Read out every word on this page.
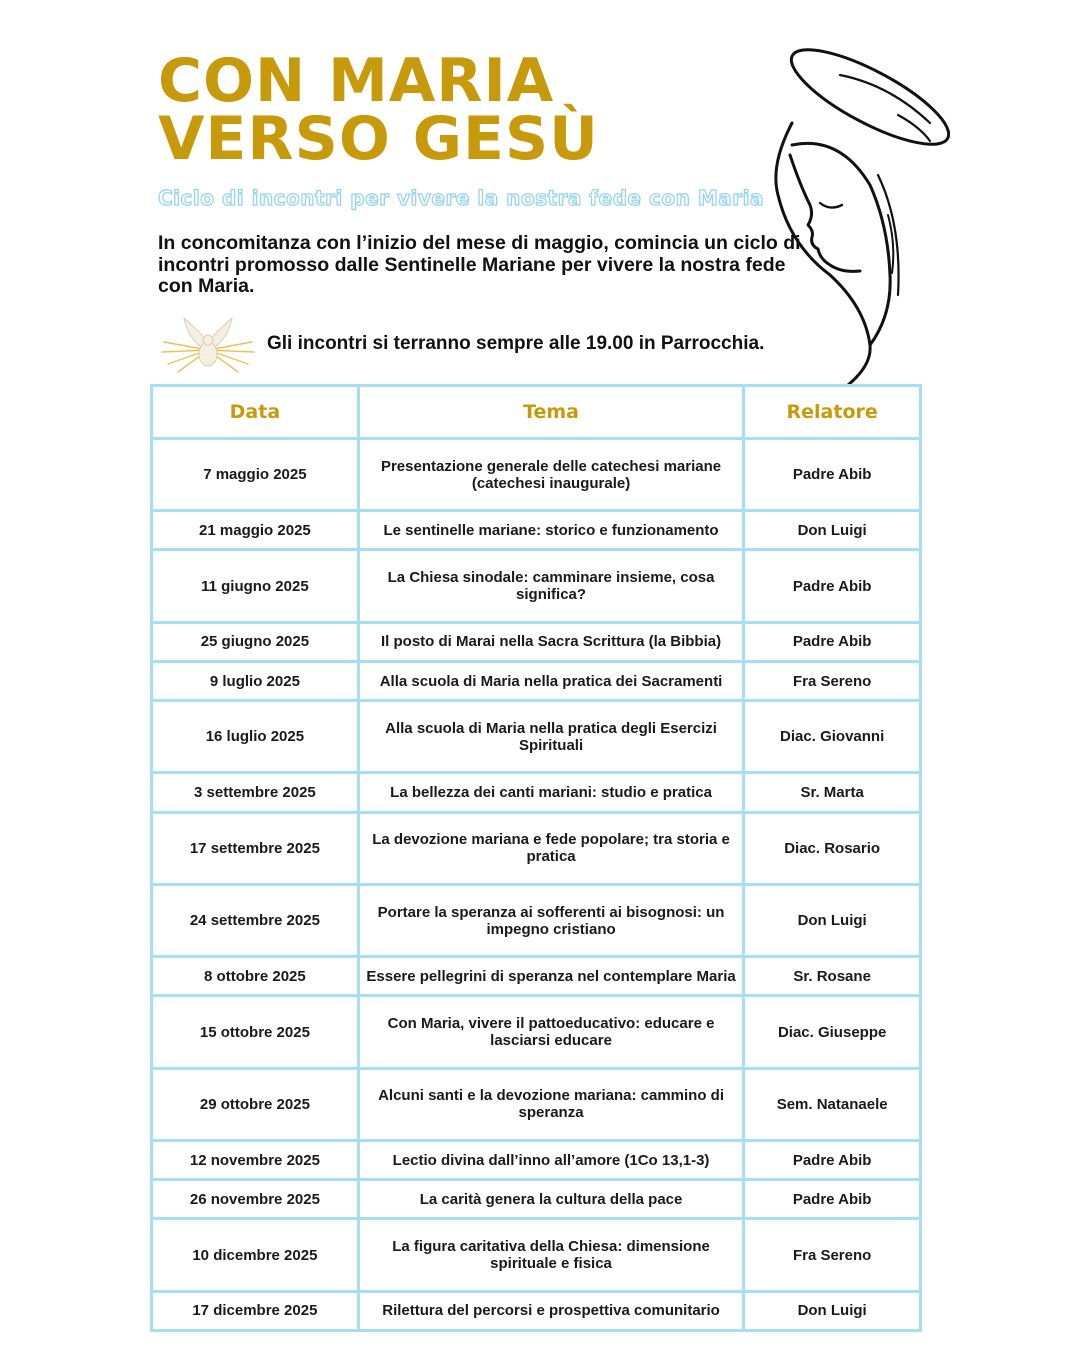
CON MARIA
VERSO GESÙ
Ciclo di incontri per vivere la nostra fede con Maria

In concomitanza con l’inizio del mese di maggio, comincia un ciclo di incontri promosso dalle Sentinelle Mariane per vivere la nostra fede con Maria.

Gli incontri si terranno sempre alle 19.00 in Parrocchia.
Data	Tema	Relatore
7 maggio 2025	Presentazione generale delle catechesi mariane (catechesi inaugurale)	Padre Abib
21 maggio 2025	Le sentinelle mariane: storico e funzionamento	Don Luigi
11 giugno 2025	La Chiesa sinodale: camminare insieme, cosa significa?	Padre Abib
25 giugno 2025	Il posto di Marai nella Sacra Scrittura (la Bibbia)	Padre Abib
9 luglio 2025	Alla scuola di Maria nella pratica dei Sacramenti	Fra Sereno
16 luglio 2025	Alla scuola di Maria nella pratica degli Esercizi Spirituali	Diac. Giovanni
3 settembre 2025	La bellezza dei canti mariani: studio e pratica	Sr. Marta
17 settembre 2025	La devozione mariana e fede popolare; tra storia e pratica	Diac. Rosario
24 settembre 2025	Portare la speranza ai sofferenti ai bisognosi: un impegno cristiano	Don Luigi
8 ottobre 2025	Essere pellegrini di speranza nel contemplare Maria	Sr. Rosane
15 ottobre 2025	Con Maria, vivere il pattoeducativo: educare e lasciarsi educare	Diac. Giuseppe
29 ottobre 2025	Alcuni santi e la devozione mariana: cammino di speranza	Sem. Natanaele
12 novembre 2025	Lectio divina dall’inno all’amore (1Co 13,1-3)	Padre Abib
26 novembre 2025	La carità genera la cultura della pace	Padre Abib
10 dicembre 2025	La figura caritativa della Chiesa: dimensione spirituale e fisica	Fra Sereno
17 dicembre 2025	Rilettura del percorsi e prospettiva comunitario	Don Luigi
